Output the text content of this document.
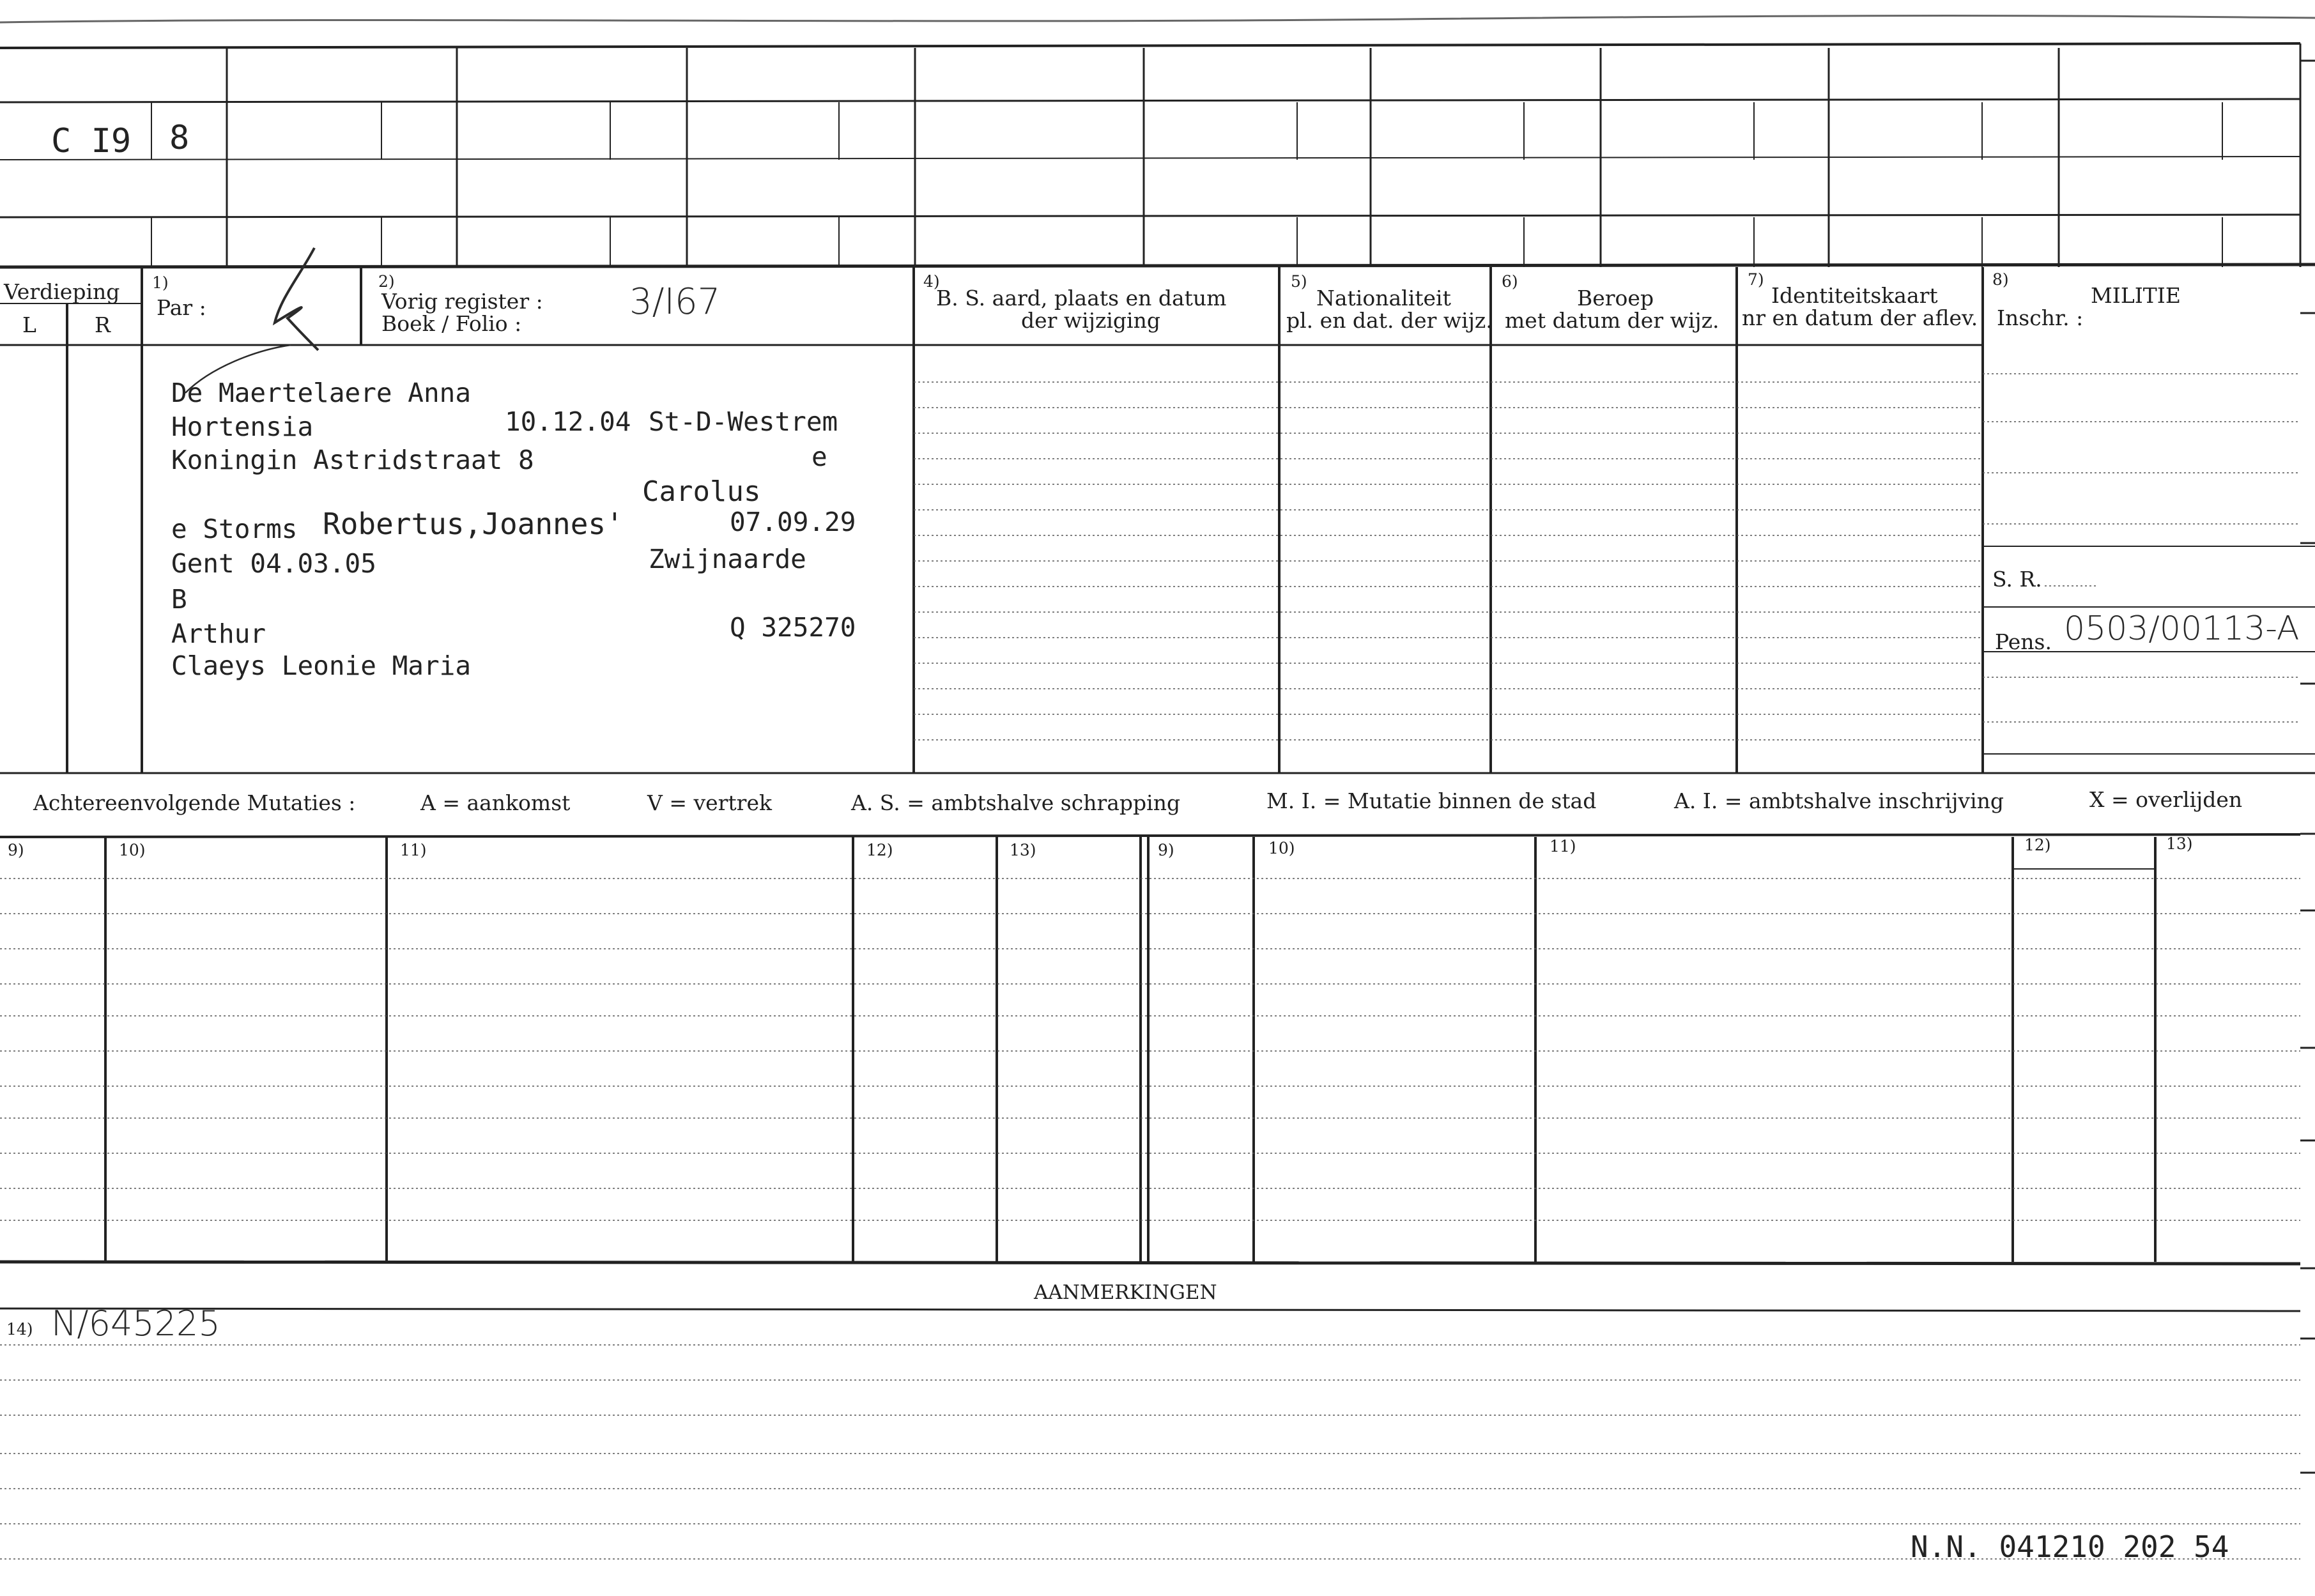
C I9 8
Verdieping
L	R
1)
Par :
2)
Vorig register :
Boek / Folio :
3/I67	4)
B. S. aard, plaats en datum
der wijziging
5)
Nationaliteit
pl. en dat. der wijz.
6)
Beroep
met datum der wijz.
7)
Identiteitskaart
nr en datum der aflev.
8)
MILITIE
Inschr. :
S. R.
Pens. 0503/00113-A
De Maertelaere Anna
Hortensia	10.12.04 St-D-Westrem
Koningin Astridstraat 8	e
Carolus
e Storms Robertus,Joannes'	07.09.29
Gent 04.03.05	Zwijnaarde
B
Arthur	Q 325270
Claeys Leonie Maria
Achtereenvolgende Mutaties :	A = aankomst	V = vertrek	A. S. = ambtshalve schrapping	M. I. = Mutatie binnen de stad	A. I. = ambtshalve inschrijving	X = overlijden
9)	10)	11)	12)	13)	9)	10)	11)	12)	13)
AANMERKINGEN
14) N/645225
N.N. 041210 202 54
